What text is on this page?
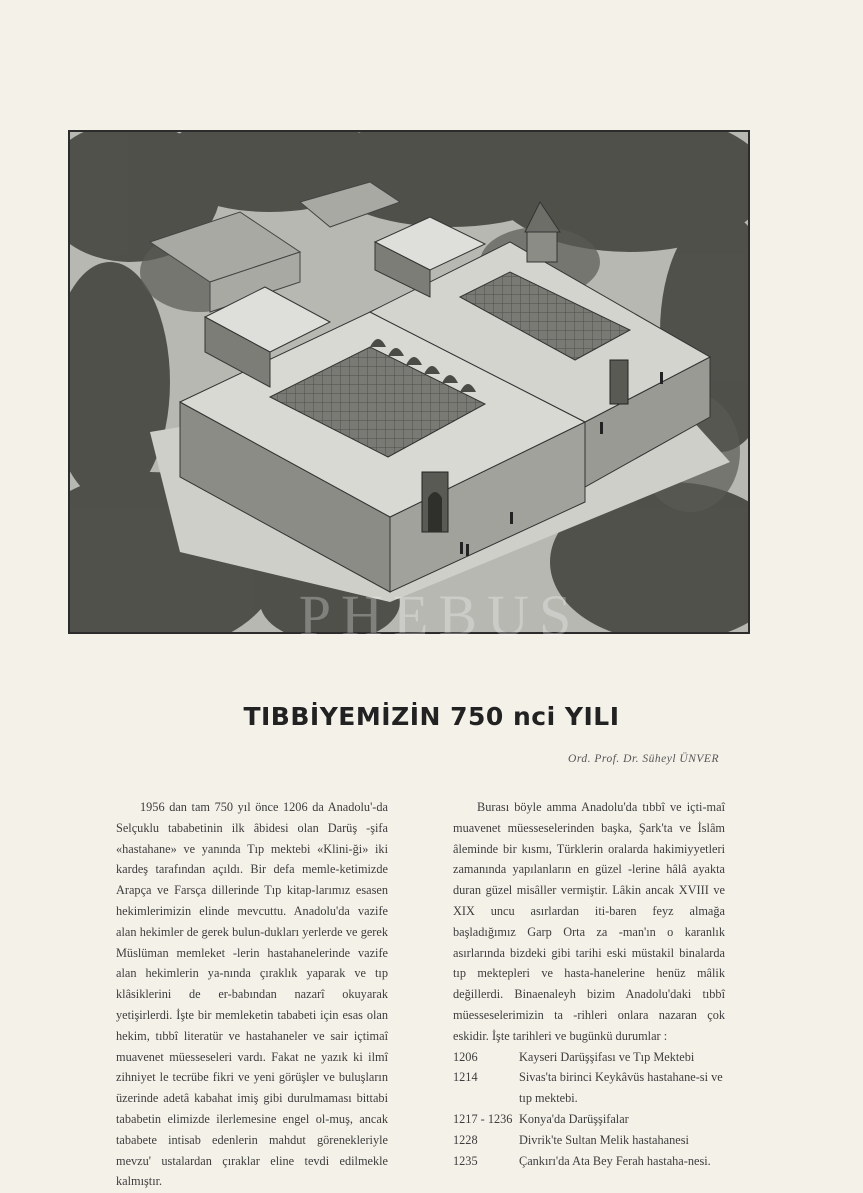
PHEBUS
TIBBİYEMİZİN 750 nci YILI
Ord. Prof. Dr. Süheyl ÜNVER

1956 dan tam 750 yıl önce 1206 da Anadolu'-da Selçuklu tababetinin ilk âbidesi olan Darüş -şifa «hastahane» ve yanında Tıp mektebi «Klini-ği» iki kardeş tarafından açıldı. Bir defa memle-ketimizde Arapça ve Farsça dillerinde Tıp kitap-larımız esasen hekimlerimizin elinde mevcuttu. Anadolu'da vazife alan hekimler de gerek bulun-dukları yerlerde ve gerek Müslüman memleket -lerin hastahanelerinde vazife alan hekimlerin ya-nında çıraklık yaparak ve tıp klâsiklerini de er-babından nazarî okuyarak yetişirlerdi. İşte bir memleketin tababeti için esas olan hekim, tıbbî literatür ve hastahaneler ve sair içtimaî muavenet müesseseleri vardı. Fakat ne yazık ki ilmî zihniyet le tecrübe fikri ve yeni görüşler ve buluşların üzerinde adetâ kabahat imiş gibi durulmaması bittabi tababetin elimizde ilerlemesine engel ol-muş, ancak tababete intisab edenlerin mahdut görenekleriyle mevzu' ustalardan çıraklar eline tevdi edilmekle kalmıştır.

Burası böyle amma Anadolu'da tıbbî ve içti-maî muavenet müesseselerinden başka, Şark'ta ve İslâm âleminde bir kısmı, Türklerin oralarda hakimiyyetleri zamanında yapılanların en güzel -lerine hâlâ ayakta duran güzel misâller vermiştir. Lâkin ancak XVIII ve XIX uncu asırlardan iti-baren feyz almağa başladığımız Garp Orta za -man'ın o karanlık asırlarında bizdeki gibi tarihi eski müstakil binalarda tıp mektepleri ve hasta-hanelerine henüz mâlik değillerdi. Binaenaleyh bizim Anadolu'daki tıbbî müesseselerimizin ta -rihleri onlara nazaran çok eskidir. İşte tarihleri ve bugünkü durumlar :

1206	Kayseri Darüşşifası ve Tıp Mektebi
1214	Sivas'ta birinci Keykâvüs hastahane-si ve tıp mektebi.
1217 - 1236 Konya'da Darüşşifalar
1228	Divrik'te Sultan Melik hastahanesi
1235	Çankırı'da Ata Bey Ferah hastaha-nesi.
